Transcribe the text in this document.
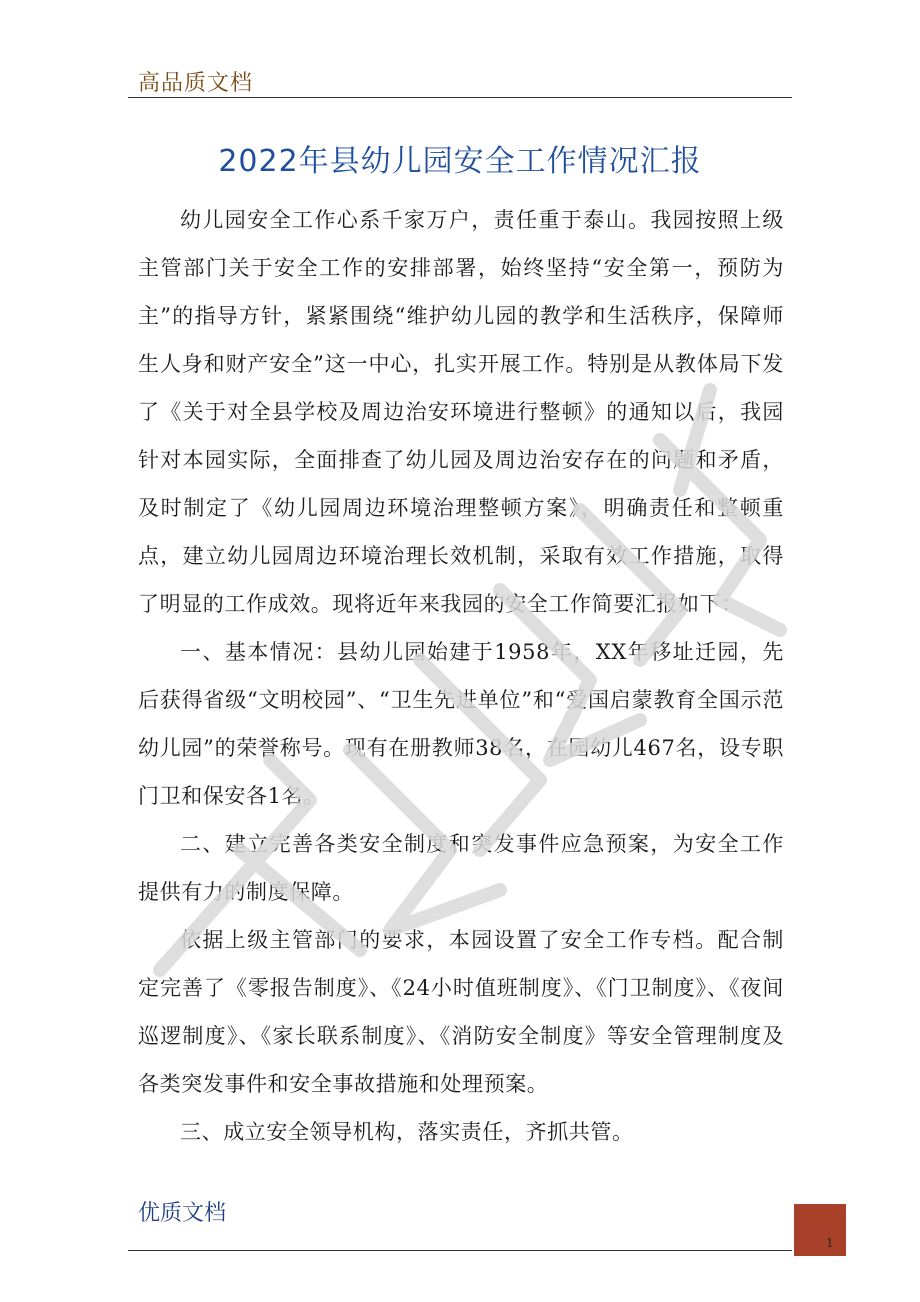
高品质文档
2022年县幼儿园安全工作情况汇报

幼儿园安全工作心系千家万户，责任重于泰山。我园按照上级主管部门关于安全工作的安排部署，始终坚持“安全第一，预防为主”的指导方针，紧紧围绕“维护幼儿园的教学和生活秩序，保障师生人身和财产安全”这一中心，扎实开展工作。特别是从教体局下发了《关于对全县学校及周边治安环境进行整顿》的通知以后，我园针对本园实际，全面排查了幼儿园及周边治安存在的问题和矛盾，及时制定了《幼儿园周边环境治理整顿方案》，明确责任和整顿重点，建立幼儿园周边环境治理长效机制，采取有效工作措施，取得了明显的工作成效。现将近年来我园的安全工作简要汇报如下：

一、基本情况：县幼儿园始建于1958年，XX年移址迁园，先后获得省级“文明校园”、“卫生先进单位”和“爱国启蒙教育全国示范幼儿园”的荣誉称号。现有在册教师38名，在园幼儿467名，设专职门卫和保安各1名。

二、建立完善各类安全制度和突发事件应急预案，为安全工作提供有力的制度保障。

依据上级主管部门的要求，本园设置了安全工作专档。配合制定完善了《零报告制度》、《24小时值班制度》、《门卫制度》、《夜间巡逻制度》、《家长联系制度》、《消防安全制度》等安全管理制度及各类突发事件和安全事故措施和处理预案。

三、成立安全领导机构，落实责任，齐抓共管。

优质文档
1
